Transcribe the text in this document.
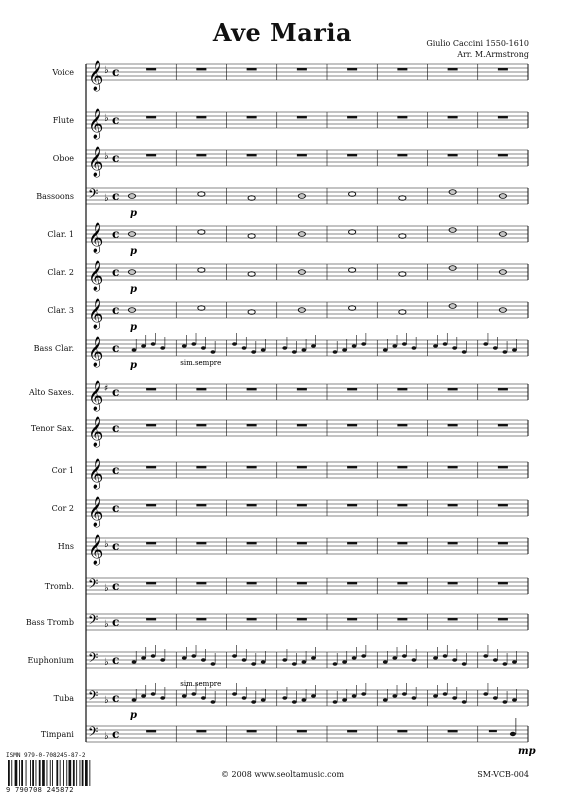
Ave Maria	Giulio Caccini 1550-1610
Arr. M.Armstrong
Voice 𝄞 ♭ c
Flute 𝄞 ♭ c
Oboe 𝄞 ♭ c
Bassoons 𝄢 ♭ c
p
Clar. 1 𝄞 c
p
Clar. 2 𝄞 c
p
Clar. 3 𝄞 c
p
Bass Clar. 𝄞 c
p	sim.sempre
Alto Saxes. 𝄞 ♯ c
Tenor Sax. 𝄞 c
Cor 1 𝄞 c
Cor 2 𝄞 c
Hns 𝄞 ♭ c
Tromb. 𝄢 ♭ c
Bass Tromb 𝄢 ♭ c
Euphonium 𝄢 ♭ c
Tuba 𝄢 ♭ c
p
sim.sempre
Timpani 𝄢 ♭ c
mp
ISMN 979-0-708245-87-2
9 790708 245872
© 2008 www.seoltamusic.com	SM-VCB-004
